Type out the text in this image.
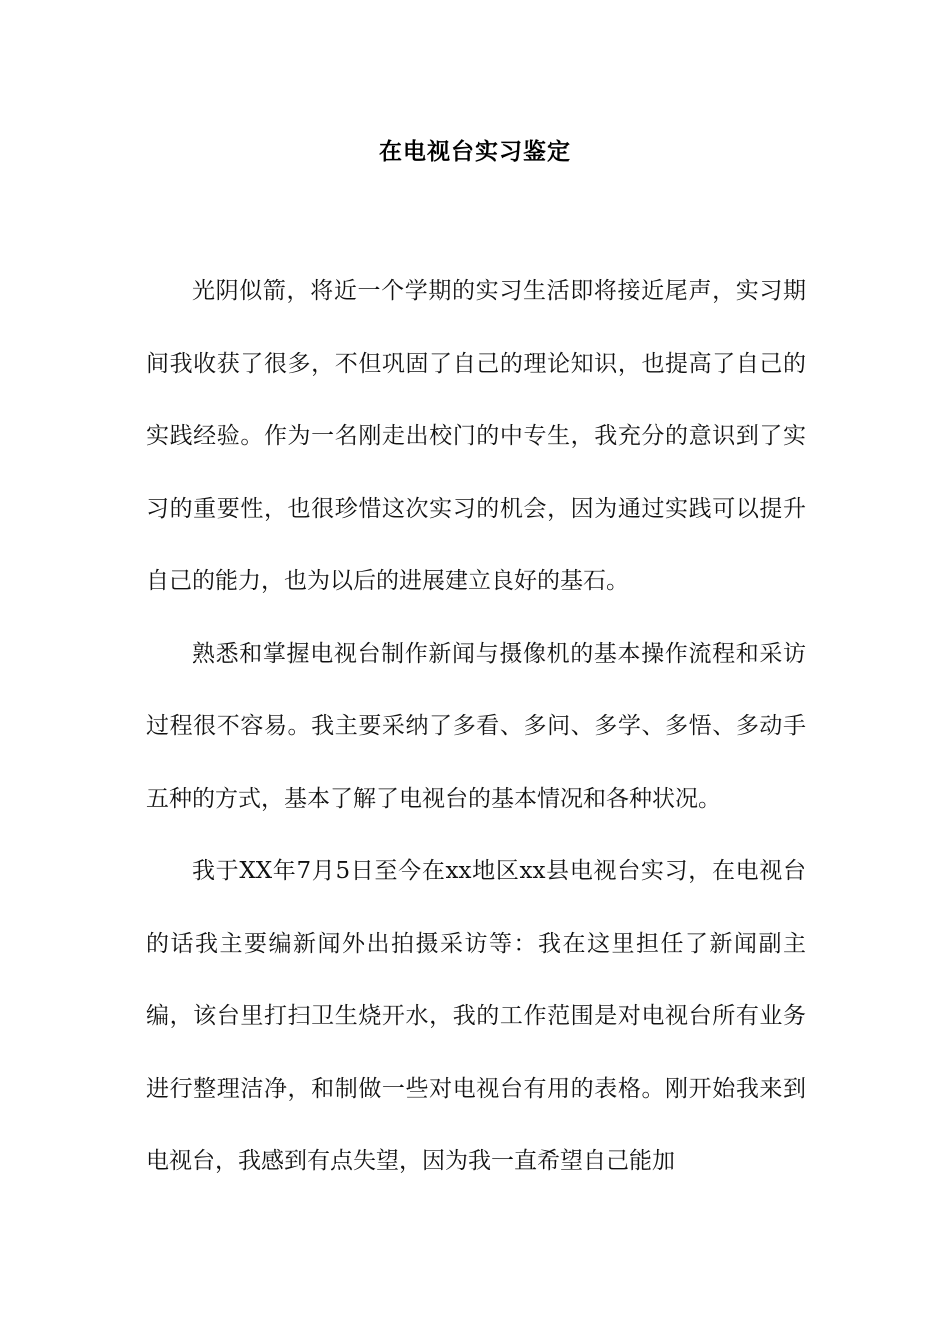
在电视台实习鉴定

光阴似箭，将近一个学期的实习生活即将接近尾声，实习期间我收获了很多，不但巩固了自己的理论知识，也提高了自己的实践经验。作为一名刚走出校门的中专生，我充分的意识到了实习的重要性，也很珍惜这次实习的机会，因为通过实践可以提升自己的能力，也为以后的进展建立良好的基石。

熟悉和掌握电视台制作新闻与摄像机的基本操作流程和采访过程很不容易。我主要采纳了多看、多问、多学、多悟、多动手五种的方式，基本了解了电视台的基本情况和各种状况。

我于XX年7月5日至今在xx地区xx县电视台实习，在电视台的话我主要编新闻外出拍摄采访等：我在这里担任了新闻副主编，该台里打扫卫生烧开水，我的工作范围是对电视台所有业务进行整理洁净，和制做一些对电视台有用的表格。刚开始我来到电视台，我感到有点失望，因为我一直希望自己能加
